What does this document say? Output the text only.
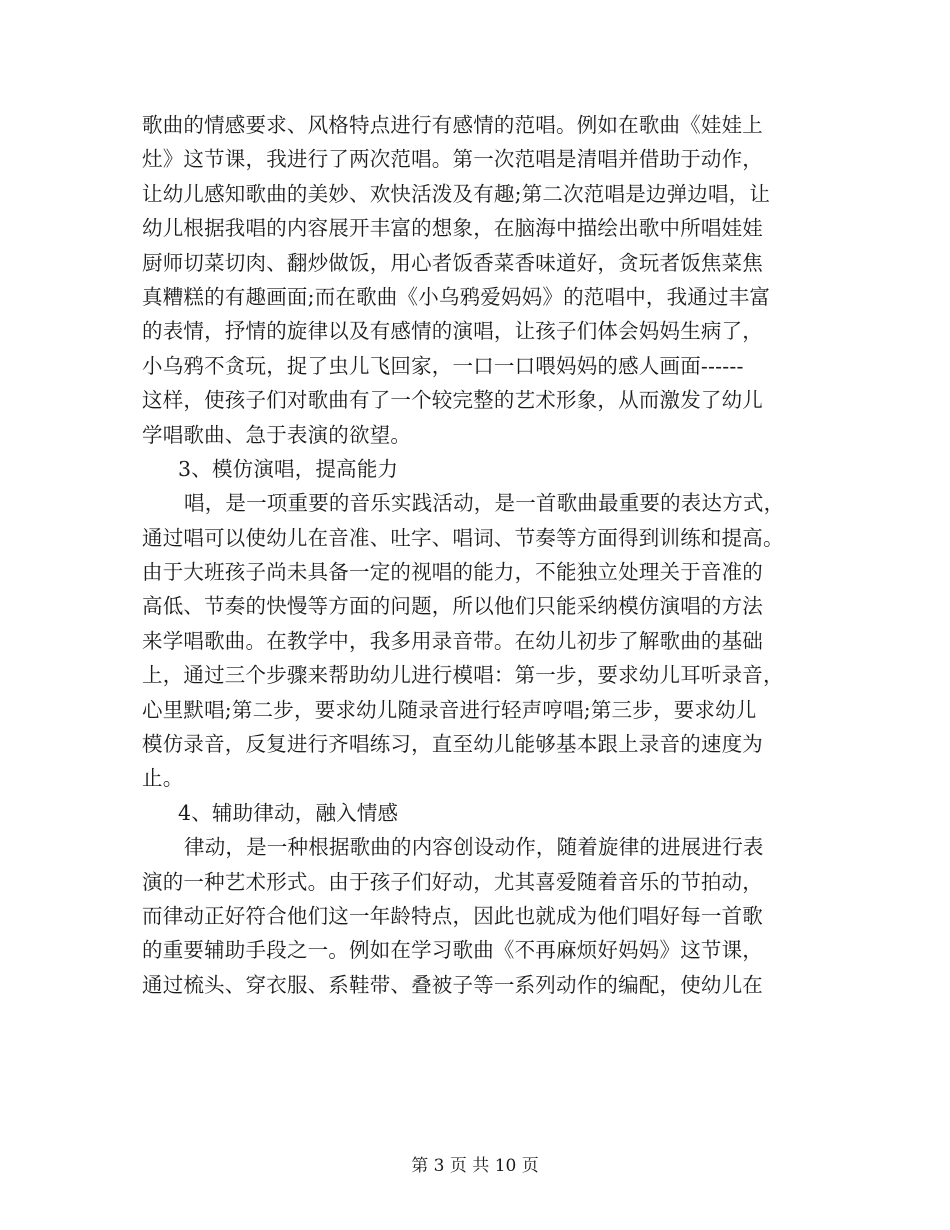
歌曲的情感要求、风格特点进行有感情的范唱。例如在歌曲《娃娃上
灶》这节课，我进行了两次范唱。第一次范唱是清唱并借助于动作，
让幼儿感知歌曲的美妙、欢快活泼及有趣;第二次范唱是边弹边唱，让
幼儿根据我唱的内容展开丰富的想象，在脑海中描绘出歌中所唱娃娃
厨师切菜切肉、翻炒做饭，用心者饭香菜香味道好，贪玩者饭焦菜焦
真糟糕的有趣画面;而在歌曲《小乌鸦爱妈妈》的范唱中，我通过丰富
的表情，抒情的旋律以及有感情的演唱，让孩子们体会妈妈生病了，
小乌鸦不贪玩，捉了虫儿飞回家，一口一口喂妈妈的感人画面------
这样，使孩子们对歌曲有了一个较完整的艺术形象，从而激发了幼儿
学唱歌曲、急于表演的欲望。
3、模仿演唱，提高能力
唱，是一项重要的音乐实践活动，是一首歌曲最重要的表达方式，
通过唱可以使幼儿在音准、吐字、唱词、节奏等方面得到训练和提高。
由于大班孩子尚未具备一定的视唱的能力，不能独立处理关于音准的
高低、节奏的快慢等方面的问题，所以他们只能采纳模仿演唱的方法
来学唱歌曲。在教学中，我多用录音带。在幼儿初步了解歌曲的基础
上，通过三个步骤来帮助幼儿进行模唱：第一步，要求幼儿耳听录音，
心里默唱;第二步，要求幼儿随录音进行轻声哼唱;第三步，要求幼儿
模仿录音，反复进行齐唱练习，直至幼儿能够基本跟上录音的速度为
止。
4、辅助律动，融入情感
律动，是一种根据歌曲的内容创设动作，随着旋律的进展进行表
演的一种艺术形式。由于孩子们好动，尤其喜爱随着音乐的节拍动，
而律动正好符合他们这一年龄特点，因此也就成为他们唱好每一首歌
的重要辅助手段之一。例如在学习歌曲《不再麻烦好妈妈》这节课，
通过梳头、穿衣服、系鞋带、叠被子等一系列动作的编配，使幼儿在
第 3 页 共 10 页
